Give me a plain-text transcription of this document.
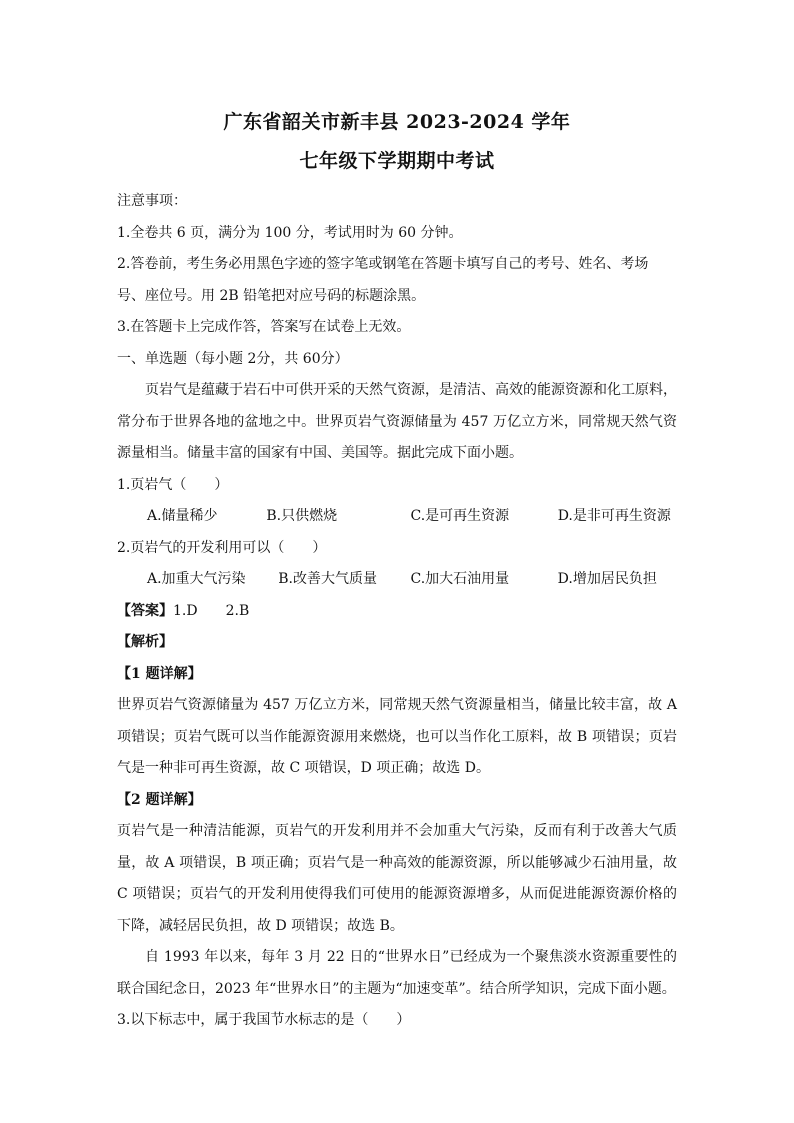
广东省韶关市新丰县 2023-2024 学年
七年级下学期期中考试

注意事项：

1.全卷共 6 页，满分为 100 分，考试用时为 60 分钟。

2.答卷前，考生务必用黑色字迹的签字笔或钢笔在答题卡填写自己的考号、姓名、考场

号、座位号。用 2B 铅笔把对应号码的标题涂黑。

3.在答题卡上完成作答，答案写在试卷上无效。

一、单选题（每小题 2分，共 60分）

页岩气是蕴藏于岩石中可供开采的天然气资源，是清洁、高效的能源资源和化工原料，常分布于世界各地的盆地之中。世界页岩气资源储量为 457 万亿立方米，同常规天然气资源量相当。储量丰富的国家有中国、美国等。据此完成下面小题。

1.页岩气（　　）

A.储量稀少	B.只供燃烧	C.是可再生资源	D.是非可再生资源

2.页岩气的开发利用可以（　　）

A.加重大气污染	B.改善大气质量	C.加大石油用量	D.增加居民负担

【答案】1.D 2.B

【解析】

【1 题详解】

世界页岩气资源储量为 457 万亿立方米，同常规天然气资源量相当，储量比较丰富，故 A 项错误；页岩气既可以当作能源资源用来燃烧，也可以当作化工原料，故 B 项错误；页岩气是一种非可再生资源，故 C 项错误，D 项正确；故选 D。

【2 题详解】

页岩气是一种清洁能源，页岩气的开发利用并不会加重大气污染，反而有利于改善大气质量，故 A 项错误，B 项正确；页岩气是一种高效的能源资源，所以能够减少石油用量，故 C 项错误；页岩气的开发利用使得我们可使用的能源资源增多，从而促进能源资源价格的下降，减轻居民负担，故 D 项错误；故选 B。

自 1993 年以来，每年 3 月 22 日的“世界水日”已经成为一个聚焦淡水资源重要性的联合国纪念日，2023 年“世界水日”的主题为“加速变革”。结合所学知识，完成下面小题。

3.以下标志中，属于我国节水标志的是（　　）
